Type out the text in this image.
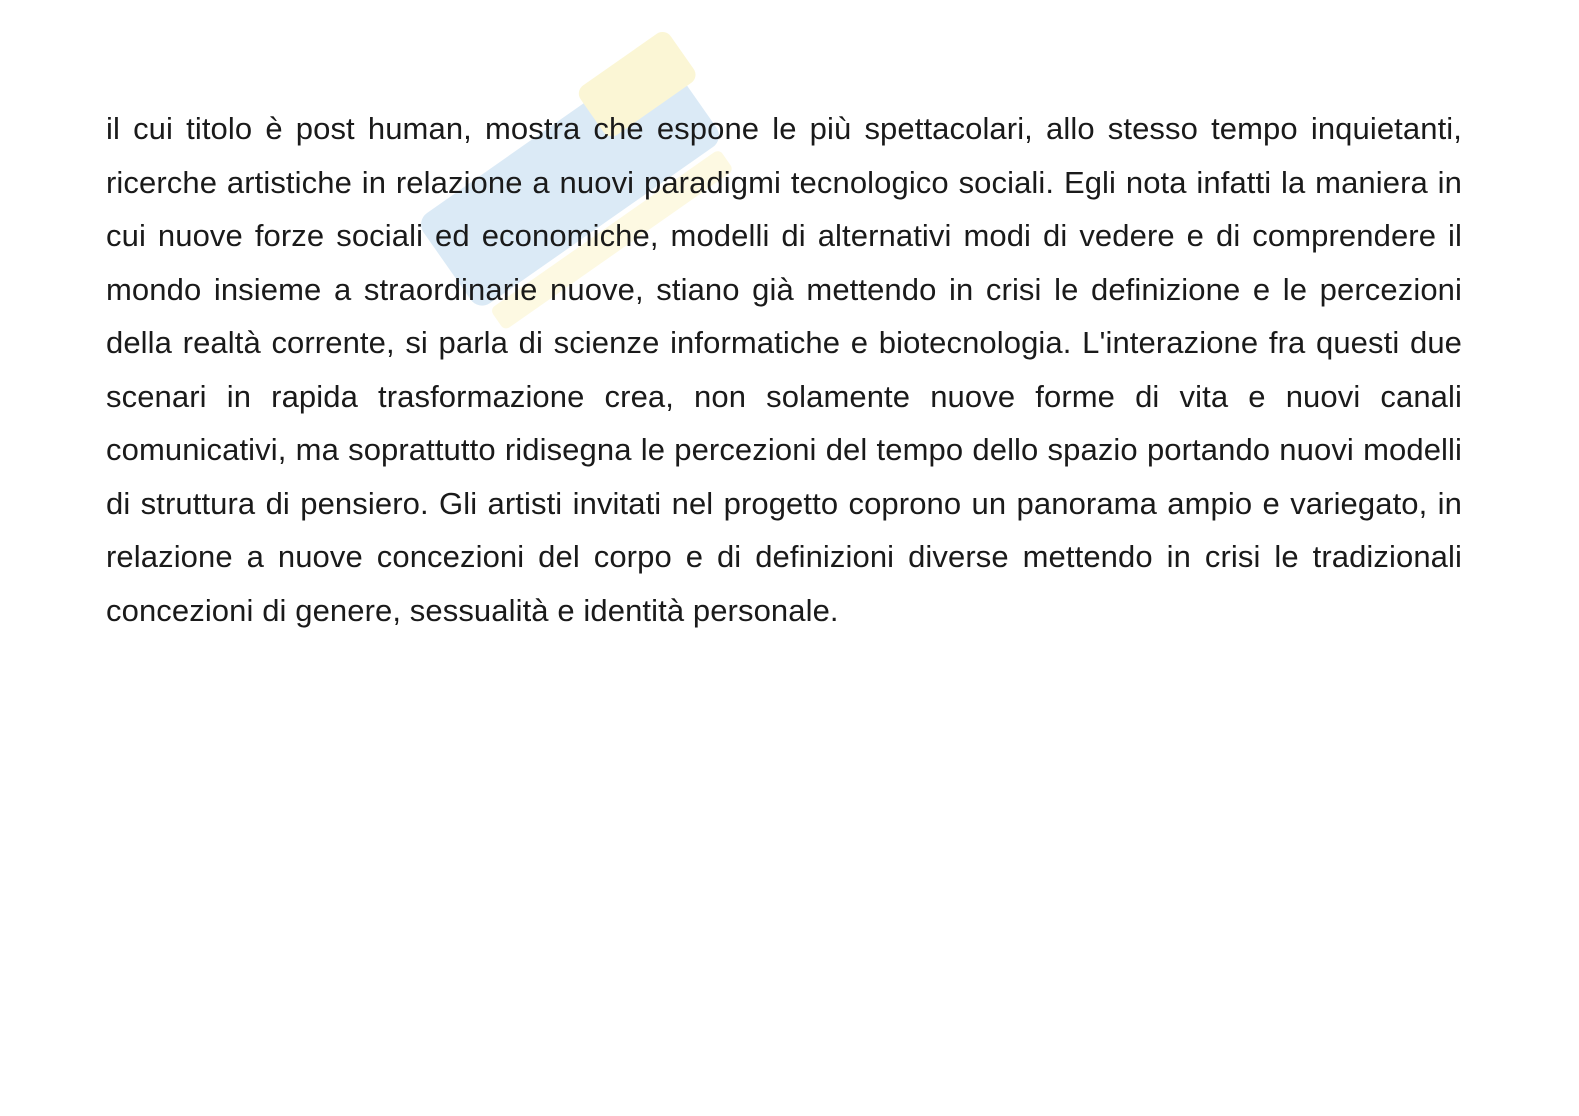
il cui titolo è post human, mostra che espone le più spettacolari, allo stesso tempo inquietanti, ricerche artistiche in relazione a nuovi paradigmi tecnologico sociali. Egli nota infatti la maniera in cui nuove forze sociali ed economiche, modelli di alternativi modi di vedere e di comprendere il mondo insieme a straordinarie nuove, stiano già mettendo in crisi le definizione e le percezioni della realtà corrente, si parla di scienze informatiche e biotecnologia. L'interazione fra questi due scenari in rapida trasformazione crea, non solamente nuove forme di vita e nuovi canali comunicativi, ma soprattutto ridisegna le percezioni del tempo dello spazio portando nuovi modelli di struttura di pensiero. Gli artisti invitati nel progetto coprono un panorama ampio e variegato, in relazione a nuove concezioni del corpo e di definizioni diverse mettendo in crisi le tradizionali concezioni di genere, sessualità e identità personale.
